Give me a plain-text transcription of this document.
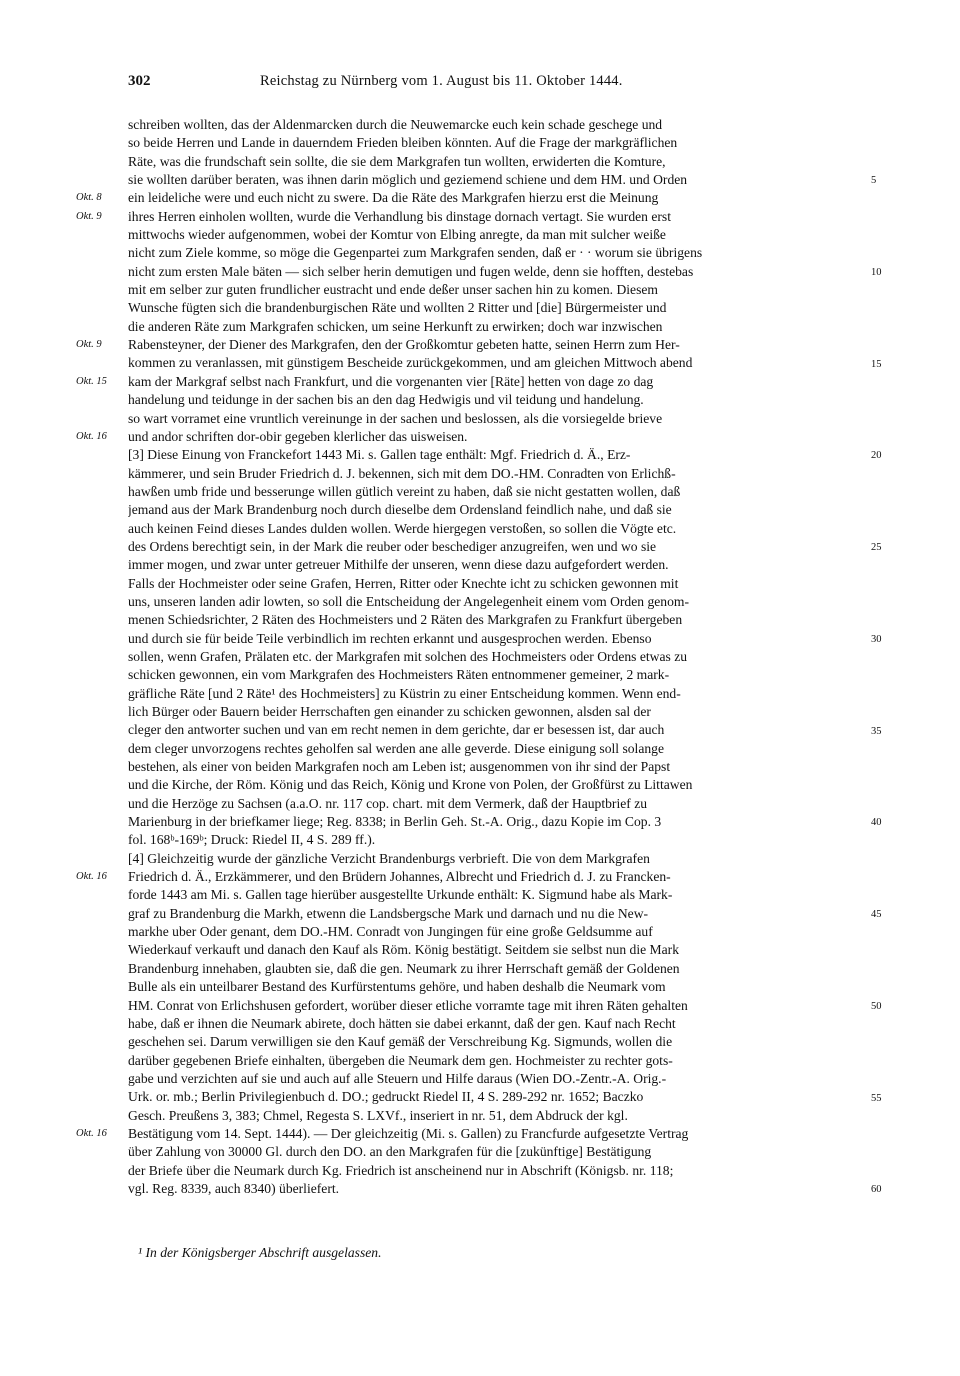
302	Reichstag zu Nürnberg vom 1. August bis 11. Oktober 1444.
schreiben wollten, das der Aldenmarcken durch die Neuwemarcke euch kein schade geschege und
so beide Herren und Lande in dauerndem Frieden bleiben könnten. Auf die Frage der markgräflichen
Räte, was die frundschaft sein sollte, die sie dem Markgrafen tun wollten, erwiderten die Komture,
sie wollten darüber beraten, was ihnen darin möglich und geziemend schiene und dem HM. und Orden
ein leideliche were und euch nicht zu swere. Da die Räte des Markgrafen hierzu erst die Meinung
ihres Herren einholen wollten, wurde die Verhandlung bis dinstage dornach vertagt. Sie wurden erst
mittwochs wieder aufgenommen, wobei der Komtur von Elbing anregte, da man mit sulcher weiße
nicht zum Ziele komme, so möge die Gegenpartei zum Markgrafen senden, daß er · · worum sie übrigens
nicht zum ersten Male bäten — sich selber herin demutigen und fugen welde, denn sie hofften, destebas
mit em selber zur guten frundlicher eustracht und ende deßer unser sachen hin zu komen. Diesem
Wunsche fügten sich die brandenburgischen Räte und wollten 2 Ritter und [die] Bürgermeister und
die anderen Räte zum Markgrafen schicken, um seine Herkunft zu erwirken; doch war inzwischen
Rabensteyner, der Diener des Markgrafen, den der Großkomtur gebeten hatte, seinen Herrn zum Her-
kommen zu veranlassen, mit günstigem Bescheide zurückgekommen, und am gleichen Mittwoch abend
kam der Markgraf selbst nach Frankfurt, und die vorgenanten vier [Räte] hetten von dage zo dag
handelung und teidunge in der sachen bis an den dag Hedwigis und vil teidung und handelung.
so wart vorramet eine vruntlich vereinunge in der sachen und beslossen, als die vorsiegelde brieve
und andor schriften dor-obir gegeben klerlicher das uisweisen.
[3] Diese Einung von Franckefort 1443 Mi. s. Gallen tage enthält: Mgf. Friedrich d. Ä., Erz-
kämmerer, und sein Bruder Friedrich d. J. bekennen, sich mit dem DO.-HM. Conradten von Erlichß-
hawßen umb fride und besserunge willen gütlich vereint zu haben, daß sie nicht gestatten wollen, daß
jemand aus der Mark Brandenburg noch durch dieselbe dem Ordensland feindlich nahe, und daß sie
auch keinen Feind dieses Landes dulden wollen. Werde hiergegen verstoßen, so sollen die Vögte etc.
des Ordens berechtigt sein, in der Mark die reuber oder beschediger anzugreifen, wen und wo sie
immer mogen, und zwar unter getreuer Mithilfe der unseren, wenn diese dazu aufgefordert werden.
Falls der Hochmeister oder seine Grafen, Herren, Ritter oder Knechte icht zu schicken gewonnen mit
uns, unseren landen adir lowten, so soll die Entscheidung der Angelegenheit einem vom Orden genom-
menen Schiedsrichter, 2 Räten des Hochmeisters und 2 Räten des Markgrafen zu Frankfurt übergeben
und durch sie für beide Teile verbindlich im rechten erkannt und ausgesprochen werden. Ebenso
sollen, wenn Grafen, Prälaten etc. der Markgrafen mit solchen des Hochmeisters oder Ordens etwas zu
schicken gewonnen, ein vom Markgrafen des Hochmeisters Räten entnommener gemeiner, 2 mark-
gräfliche Räte [und 2 Räte¹ des Hochmeisters] zu Küstrin zu einer Entscheidung kommen. Wenn end-
lich Bürger oder Bauern beider Herrschaften gen einander zu schicken gewonnen, alsden sal der
cleger den antworter suchen und van em recht nemen in dem gerichte, dar er besessen ist, dar auch
dem cleger unvorzogens rechtes geholfen sal werden ane alle geverde. Diese einigung soll solange
bestehen, als einer von beiden Markgrafen noch am Leben ist; ausgenommen von ihr sind der Papst
und die Kirche, der Röm. König und das Reich, König und Krone von Polen, der Großfürst zu Littawen
und die Herzöge zu Sachsen (a.a.O. nr. 117 cop. chart. mit dem Vermerk, daß der Hauptbrief zu
Marienburg in der briefkamer liege; Reg. 8338; in Berlin Geh. St.-A. Orig., dazu Kopie im Cop. 3
fol. 168ᵇ-169ᵇ; Druck: Riedel II, 4 S. 289 ff.).
[4] Gleichzeitig wurde der gänzliche Verzicht Brandenburgs verbrieft. Die von dem Markgrafen
Friedrich d. Ä., Erzkämmerer, und den Brüdern Johannes, Albrecht und Friedrich d. J. zu Francken-
forde 1443 am Mi. s. Gallen tage hierüber ausgestellte Urkunde enthält: K. Sigmund habe als Mark-
graf zu Brandenburg die Markh, etwenn die Landsbergsche Mark und darnach und nu die New-
markhe uber Oder genant, dem DO.-HM. Conradt von Jungingen für eine große Geldsumme auf
Wiederkauf verkauft und danach den Kauf als Röm. König bestätigt. Seitdem sie selbst nun die Mark
Brandenburg innehaben, glaubten sie, daß die gen. Neumark zu ihrer Herrschaft gemäß der Goldenen
Bulle als ein unteilbarer Bestand des Kurfürstentums gehöre, und haben deshalb die Neumark vom
HM. Conrat von Erlichshusen gefordert, worüber dieser etliche vorramte tage mit ihren Räten gehalten
habe, daß er ihnen die Neumark abirete, doch hätten sie dabei erkannt, daß der gen. Kauf nach Recht
geschehen sei. Darum verwilligen sie den Kauf gemäß der Verschreibung Kg. Sigmunds, wollen die
darüber gegebenen Briefe einhalten, übergeben die Neumark dem gen. Hochmeister zu rechter gots-
gabe und verzichten auf sie und auch auf alle Steuern und Hilfe daraus (Wien DO.-Zentr.-A. Orig.-
Urk. or. mb.; Berlin Privilegienbuch d. DO.; gedruckt Riedel II, 4 S. 289-292 nr. 1652; Baczko
Gesch. Preußens 3, 383; Chmel, Regesta S. LXVf., inseriert in nr. 51, dem Abdruck der kgl.
Bestätigung vom 14. Sept. 1444). — Der gleichzeitig (Mi. s. Gallen) zu Francfurde aufgesetzte Vertrag
über Zahlung von 30000 Gl. durch den DO. an den Markgrafen für die [zukünftige] Bestätigung
der Briefe über die Neumark durch Kg. Friedrich ist anscheinend nur in Abschrift (Königsb. nr. 118;
vgl. Reg. 8339, auch 8340) überliefert.
¹ In der Königsberger Abschrift ausgelassen.
Okt. 8
Okt. 9
Okt. 9
Okt. 15
Okt. 16
Okt. 16
Okt. 16
5
10
15
20
25
30
35
40
45
50
55
60
